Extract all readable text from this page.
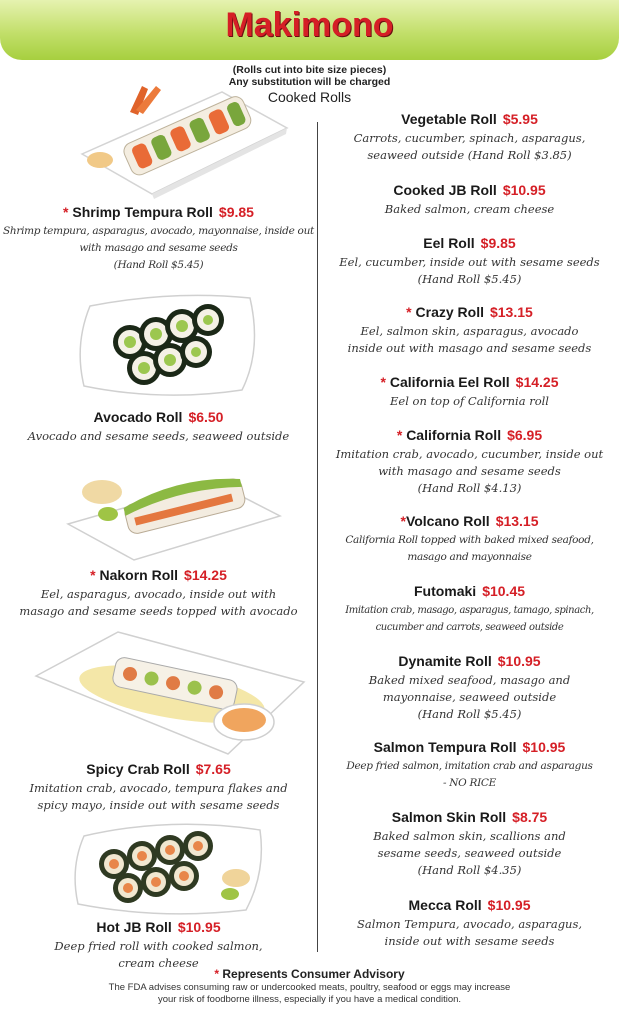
Makimono
(Rolls cut into bite size pieces)
Any substitution will be charged
Cooked Rolls
* Shrimp Tempura Roll $9.85
Shrimp tempura, asparagus, avocado, mayonnaise, inside out
with masago and sesame seeds
(Hand Roll $5.45)
Avocado Roll $6.50
Avocado and sesame seeds, seaweed outside
* Nakorn Roll $14.25
Eel, asparagus, avocado, inside out with
masago and sesame seeds topped with avocado
Spicy Crab Roll $7.65
Imitation crab, avocado, tempura flakes and
spicy mayo, inside out with sesame seeds
Hot JB Roll $10.95
Deep fried roll with cooked salmon,
cream cheese
Vegetable Roll $5.95
Carrots, cucumber, spinach, asparagus,
seaweed outside (Hand Roll $3.85)
Cooked JB Roll $10.95
Baked salmon, cream cheese
Eel Roll $9.85
Eel, cucumber, inside out with sesame seeds
(Hand Roll $5.45)
* Crazy Roll $13.15
Eel, salmon skin, asparagus, avocado
inside out with masago and sesame seeds
* California Eel Roll $14.25
Eel on top of California roll
* California Roll $6.95
Imitation crab, avocado, cucumber, inside out
with masago and sesame seeds
(Hand Roll $4.13)
*Volcano Roll $13.15
California Roll topped with baked mixed seafood,
masago and mayonnaise
Futomaki $10.45
Imitation crab, masago, asparagus, tamago, spinach,
cucumber and carrots, seaweed outside
Dynamite Roll $10.95
Baked mixed seafood, masago and
mayonnaise, seaweed outside
(Hand Roll $5.45)
Salmon Tempura Roll $10.95
Deep fried salmon, imitation crab and asparagus
- NO RICE
Salmon Skin Roll $8.75
Baked salmon skin, scallions and
sesame seeds, seaweed outside
(Hand Roll $4.35)
Mecca Roll $10.95
Salmon Tempura, avocado, asparagus,
inside out with sesame seeds
* Represents Consumer Advisory
The FDA advises consuming raw or undercooked meats, poultry, seafood or eggs may increase
your risk of foodborne illness, especially if you have a medical condition.
